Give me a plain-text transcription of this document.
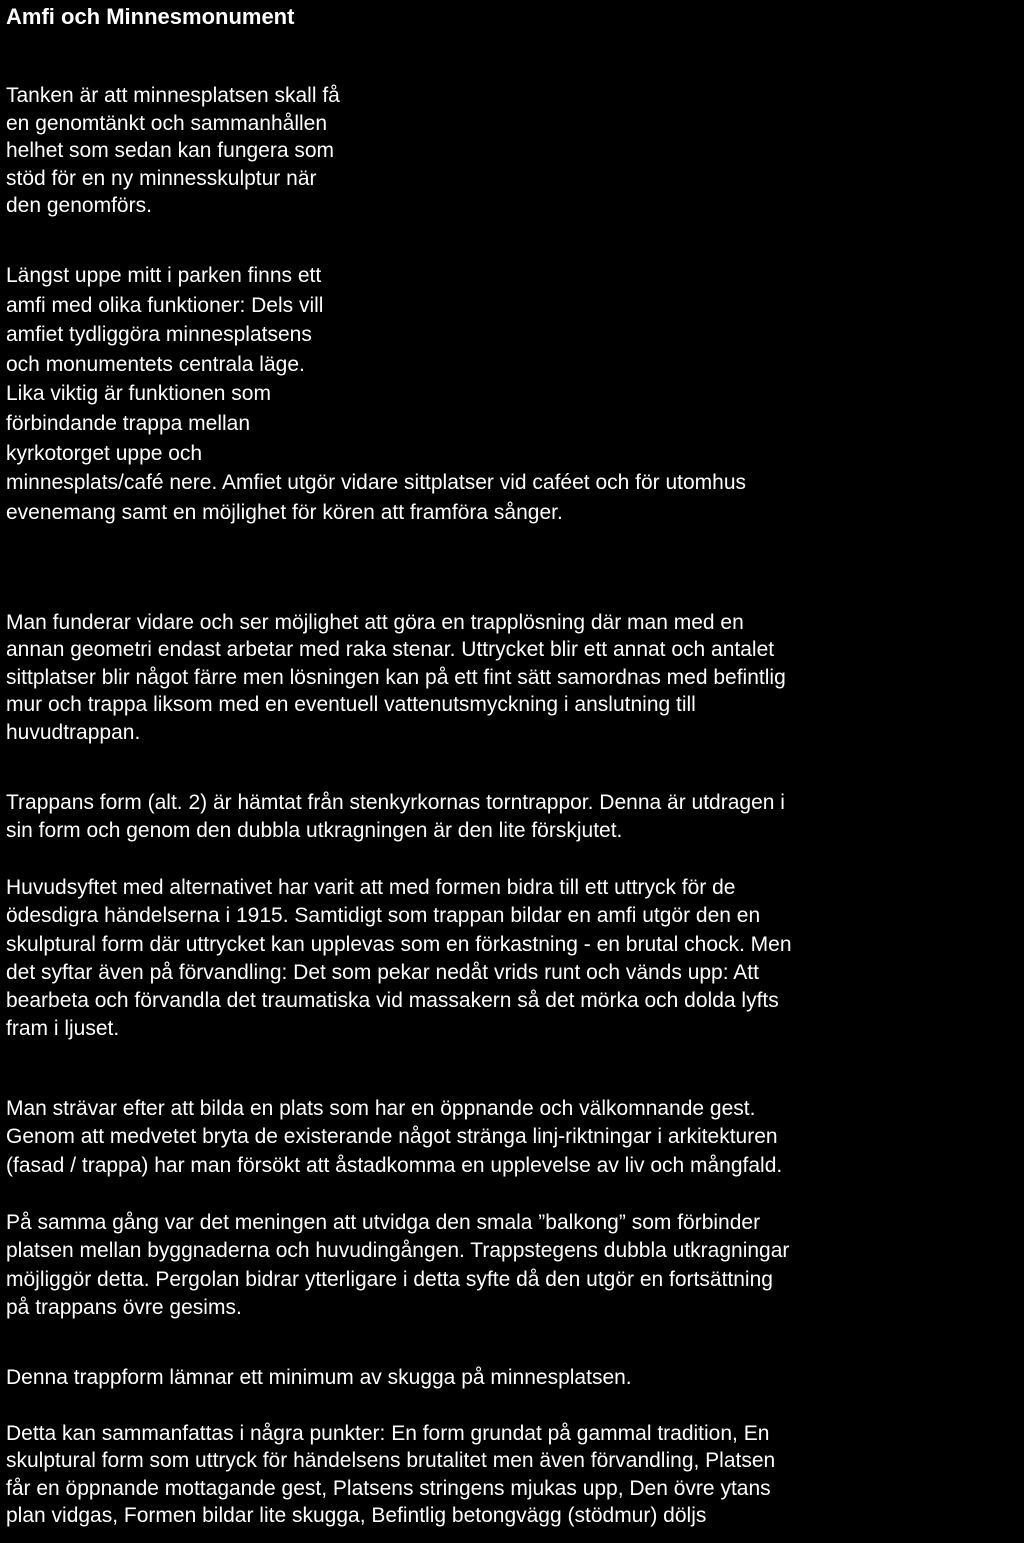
Amfi och Minnesmonument

Tanken är att minnesplatsen skall få
en genomtänkt och sammanhållen
helhet som sedan kan fungera som
stöd för en ny minnesskulptur när
den genomförs.

Längst uppe mitt i parken finns ett
amfi med olika funktioner: Dels vill
amfiet tydliggöra minnesplatsens
och monumentets centrala läge.
Lika viktig är funktionen som
förbindande trappa mellan
kyrkotorget uppe och
minnesplats/café nere. Amfiet utgör vidare sittplatser vid caféet och för utomhus
evenemang samt en möjlighet för kören att framföra sånger.

Man funderar vidare och ser möjlighet att göra en trapplösning där man med en
annan geometri endast arbetar med raka stenar. Uttrycket blir ett annat och antalet
sittplatser blir något färre men lösningen kan på ett fint sätt samordnas med befintlig
mur och trappa liksom med en eventuell vattenutsmyckning i anslutning till
huvudtrappan.

Trappans form (alt. 2) är hämtat från stenkyrkornas torntrappor. Denna är utdragen i
sin form och genom den dubbla utkragningen är den lite förskjutet.

Huvudsyftet med alternativet har varit att med formen bidra till ett uttryck för de
ödesdigra händelserna i 1915. Samtidigt som trappan bildar en amfi utgör den en
skulptural form där uttrycket kan upplevas som en förkastning - en brutal chock. Men
det syftar även på förvandling: Det som pekar nedåt vrids runt och vänds upp: Att
bearbeta och förvandla det traumatiska vid massakern så det mörka och dolda lyfts
fram i ljuset.

Man strävar efter att bilda en plats som har en öppnande och välkomnande gest.
Genom att medvetet bryta de existerande något stränga linj-riktningar i arkitekturen
(fasad / trappa) har man försökt att åstadkomma en upplevelse av liv och mångfald.

På samma gång var det meningen att utvidga den smala ”balkong” som förbinder
platsen mellan byggnaderna och huvudingången. Trappstegens dubbla utkragningar
möjliggör detta. Pergolan bidrar ytterligare i detta syfte då den utgör en fortsättning
på trappans övre gesims.

Denna trappform lämnar ett minimum av skugga på minnesplatsen.

Detta kan sammanfattas i några punkter: En form grundat på gammal tradition, En
skulptural form som uttryck för händelsens brutalitet men även förvandling, Platsen
får en öppnande mottagande gest, Platsens stringens mjukas upp, Den övre ytans
plan vidgas, Formen bildar lite skugga, Befintlig betongvägg (stödmur) döljs
